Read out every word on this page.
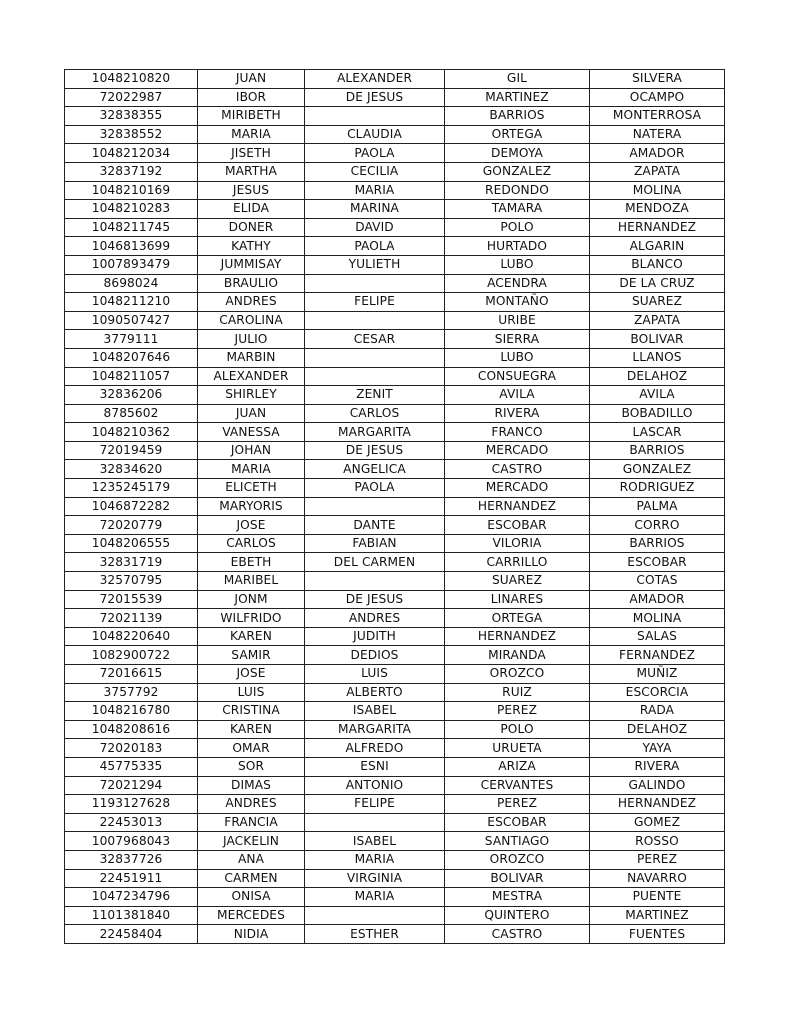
1048210820	JUAN	ALEXANDER	GIL	SILVERA
72022987	IBOR	DE JESUS	MARTINEZ	OCAMPO
32838355	MIRIBETH		BARRIOS	MONTERROSA
32838552	MARIA	CLAUDIA	ORTEGA	NATERA
1048212034	JISETH	PAOLA	DEMOYA	AMADOR
32837192	MARTHA	CECILIA	GONZALEZ	ZAPATA
1048210169	JESUS	MARIA	REDONDO	MOLINA
1048210283	ELIDA	MARINA	TAMARA	MENDOZA
1048211745	DONER	DAVID	POLO	HERNANDEZ
1046813699	KATHY	PAOLA	HURTADO	ALGARIN
1007893479	JUMMISAY	YULIETH	LUBO	BLANCO
8698024	BRAULIO		ACENDRA	DE LA CRUZ
1048211210	ANDRES	FELIPE	MONTAÑO	SUAREZ
1090507427	CAROLINA		URIBE	ZAPATA
3779111	JULIO	CESAR	SIERRA	BOLIVAR
1048207646	MARBIN		LUBO	LLANOS
1048211057	ALEXANDER		CONSUEGRA	DELAHOZ
32836206	SHIRLEY	ZENIT	AVILA	AVILA
8785602	JUAN	CARLOS	RIVERA	BOBADILLO
1048210362	VANESSA	MARGARITA	FRANCO	LASCAR
72019459	JOHAN	DE JESUS	MERCADO	BARRIOS
32834620	MARIA	ANGELICA	CASTRO	GONZALEZ
1235245179	ELICETH	PAOLA	MERCADO	RODRIGUEZ
1046872282	MARYORIS		HERNANDEZ	PALMA
72020779	JOSE	DANTE	ESCOBAR	CORRO
1048206555	CARLOS	FABIAN	VILORIA	BARRIOS
32831719	EBETH	DEL CARMEN	CARRILLO	ESCOBAR
32570795	MARIBEL		SUAREZ	COTAS
72015539	JONM	DE JESUS	LINARES	AMADOR
72021139	WILFRIDO	ANDRES	ORTEGA	MOLINA
1048220640	KAREN	JUDITH	HERNANDEZ	SALAS
1082900722	SAMIR	DEDIOS	MIRANDA	FERNANDEZ
72016615	JOSE	LUIS	OROZCO	MUÑIZ
3757792	LUIS	ALBERTO	RUIZ	ESCORCIA
1048216780	CRISTINA	ISABEL	PEREZ	RADA
1048208616	KAREN	MARGARITA	POLO	DELAHOZ
72020183	OMAR	ALFREDO	URUETA	YAYA
45775335	SOR	ESNI	ARIZA	RIVERA
72021294	DIMAS	ANTONIO	CERVANTES	GALINDO
1193127628	ANDRES	FELIPE	PEREZ	HERNANDEZ
22453013	FRANCIA		ESCOBAR	GOMEZ
1007968043	JACKELIN	ISABEL	SANTIAGO	ROSSO
32837726	ANA	MARIA	OROZCO	PEREZ
22451911	CARMEN	VIRGINIA	BOLIVAR	NAVARRO
1047234796	ONISA	MARIA	MESTRA	PUENTE
1101381840	MERCEDES		QUINTERO	MARTINEZ
22458404	NIDIA	ESTHER	CASTRO	FUENTES
